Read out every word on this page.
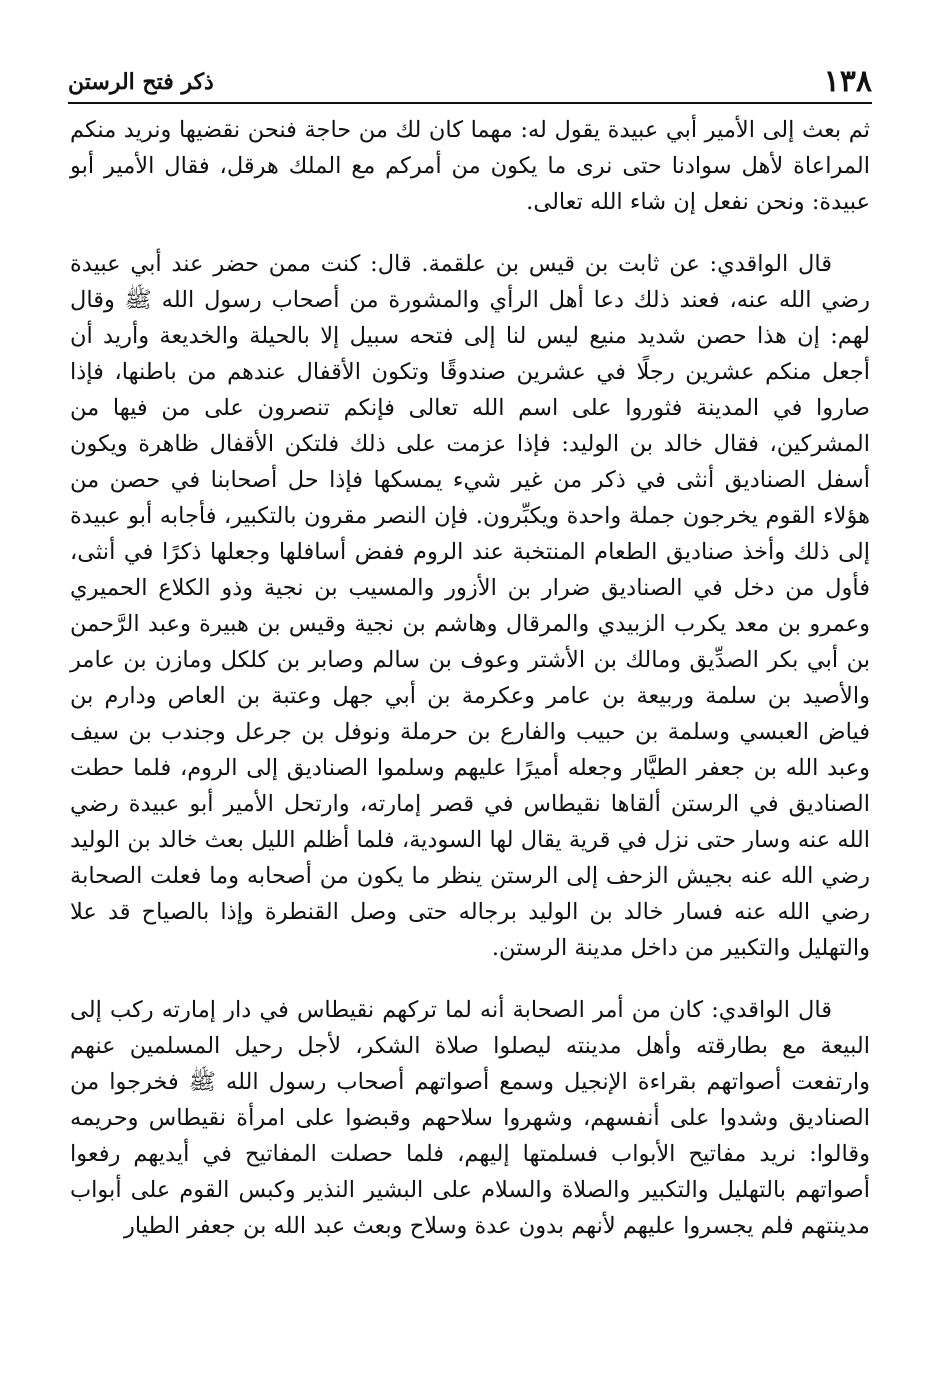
١٣٨
ذكر فتح الرستن

ثم بعث إلى الأمير أبي عبيدة يقول له: مهما كان لك من حاجة فنحن نقضيها ونريد منكم المراعاة لأهل سوادنا حتى نرى ما يكون من أمركم مع الملك هرقل، فقال الأمير أبو عبيدة: ونحن نفعل إن شاء الله تعالى.

قال الواقدي: عن ثابت بن قيس بن علقمة. قال: كنت ممن حضر عند أبي عبيدة رضي الله عنه، فعند ذلك دعا أهل الرأي والمشورة من أصحاب رسول الله ﷺ وقال لهم: إن هذا حصن شديد منيع ليس لنا إلى فتحه سبيل إلا بالحيلة والخديعة وأريد أن أجعل منكم عشرين رجلًا في عشرين صندوقًا وتكون الأقفال عندهم من باطنها، فإذا صاروا في المدينة فثوروا على اسم الله تعالى فإنكم تنصرون على من فيها من المشركين، فقال خالد بن الوليد: فإذا عزمت على ذلك فلتكن الأقفال ظاهرة ويكون أسفل الصناديق أنثى في ذكر من غير شيء يمسكها فإذا حل أصحابنا في حصن من هؤلاء القوم يخرجون جملة واحدة ويكبِّرون. فإن النصر مقرون بالتكبير، فأجابه أبو عبيدة إلى ذلك وأخذ صناديق الطعام المنتخبة عند الروم ففض أسافلها وجعلها ذكرًا في أنثى، فأول من دخل في الصناديق ضرار بن الأزور والمسيب بن نجية وذو الكلاع الحميري وعمرو بن معد يكرب الزبيدي والمرقال وهاشم بن نجية وقيس بن هبيرة وعبد الرَّحمن بن أبي بكر الصدِّيق ومالك بن الأشتر وعوف بن سالم وصابر بن كلكل ومازن بن عامر والأصيد بن سلمة وربيعة بن عامر وعكرمة بن أبي جهل وعتبة بن العاص ودارم بن فياض العبسي وسلمة بن حبيب والفارع بن حرملة ونوفل بن جرعل وجندب بن سيف وعبد الله بن جعفر الطيَّار وجعله أميرًا عليهم وسلموا الصناديق إلى الروم، فلما حطت الصناديق في الرستن ألقاها نقيطاس في قصر إمارته، وارتحل الأمير أبو عبيدة رضي الله عنه وسار حتى نزل في قرية يقال لها السودية، فلما أظلم الليل بعث خالد بن الوليد رضي الله عنه بجيش الزحف إلى الرستن ينظر ما يكون من أصحابه وما فعلت الصحابة رضي الله عنه فسار خالد بن الوليد برجاله حتى وصل القنطرة وإذا بالصياح قد علا والتهليل والتكبير من داخل مدينة الرستن.

قال الواقدي: كان من أمر الصحابة أنه لما تركهم نقيطاس في دار إمارته ركب إلى البيعة مع بطارقته وأهل مدينته ليصلوا صلاة الشكر، لأجل رحيل المسلمين عنهم وارتفعت أصواتهم بقراءة الإنجيل وسمع أصواتهم أصحاب رسول الله ﷺ فخرجوا من الصناديق وشدوا على أنفسهم، وشهروا سلاحهم وقبضوا على امرأة نقيطاس وحريمه وقالوا: نريد مفاتيح الأبواب فسلمتها إليهم، فلما حصلت المفاتيح في أيديهم رفعوا أصواتهم بالتهليل والتكبير والصلاة والسلام على البشير النذير وكبس القوم على أبواب مدينتهم فلم يجسروا عليهم لأنهم بدون عدة وسلاح وبعث عبد الله بن جعفر الطيار
